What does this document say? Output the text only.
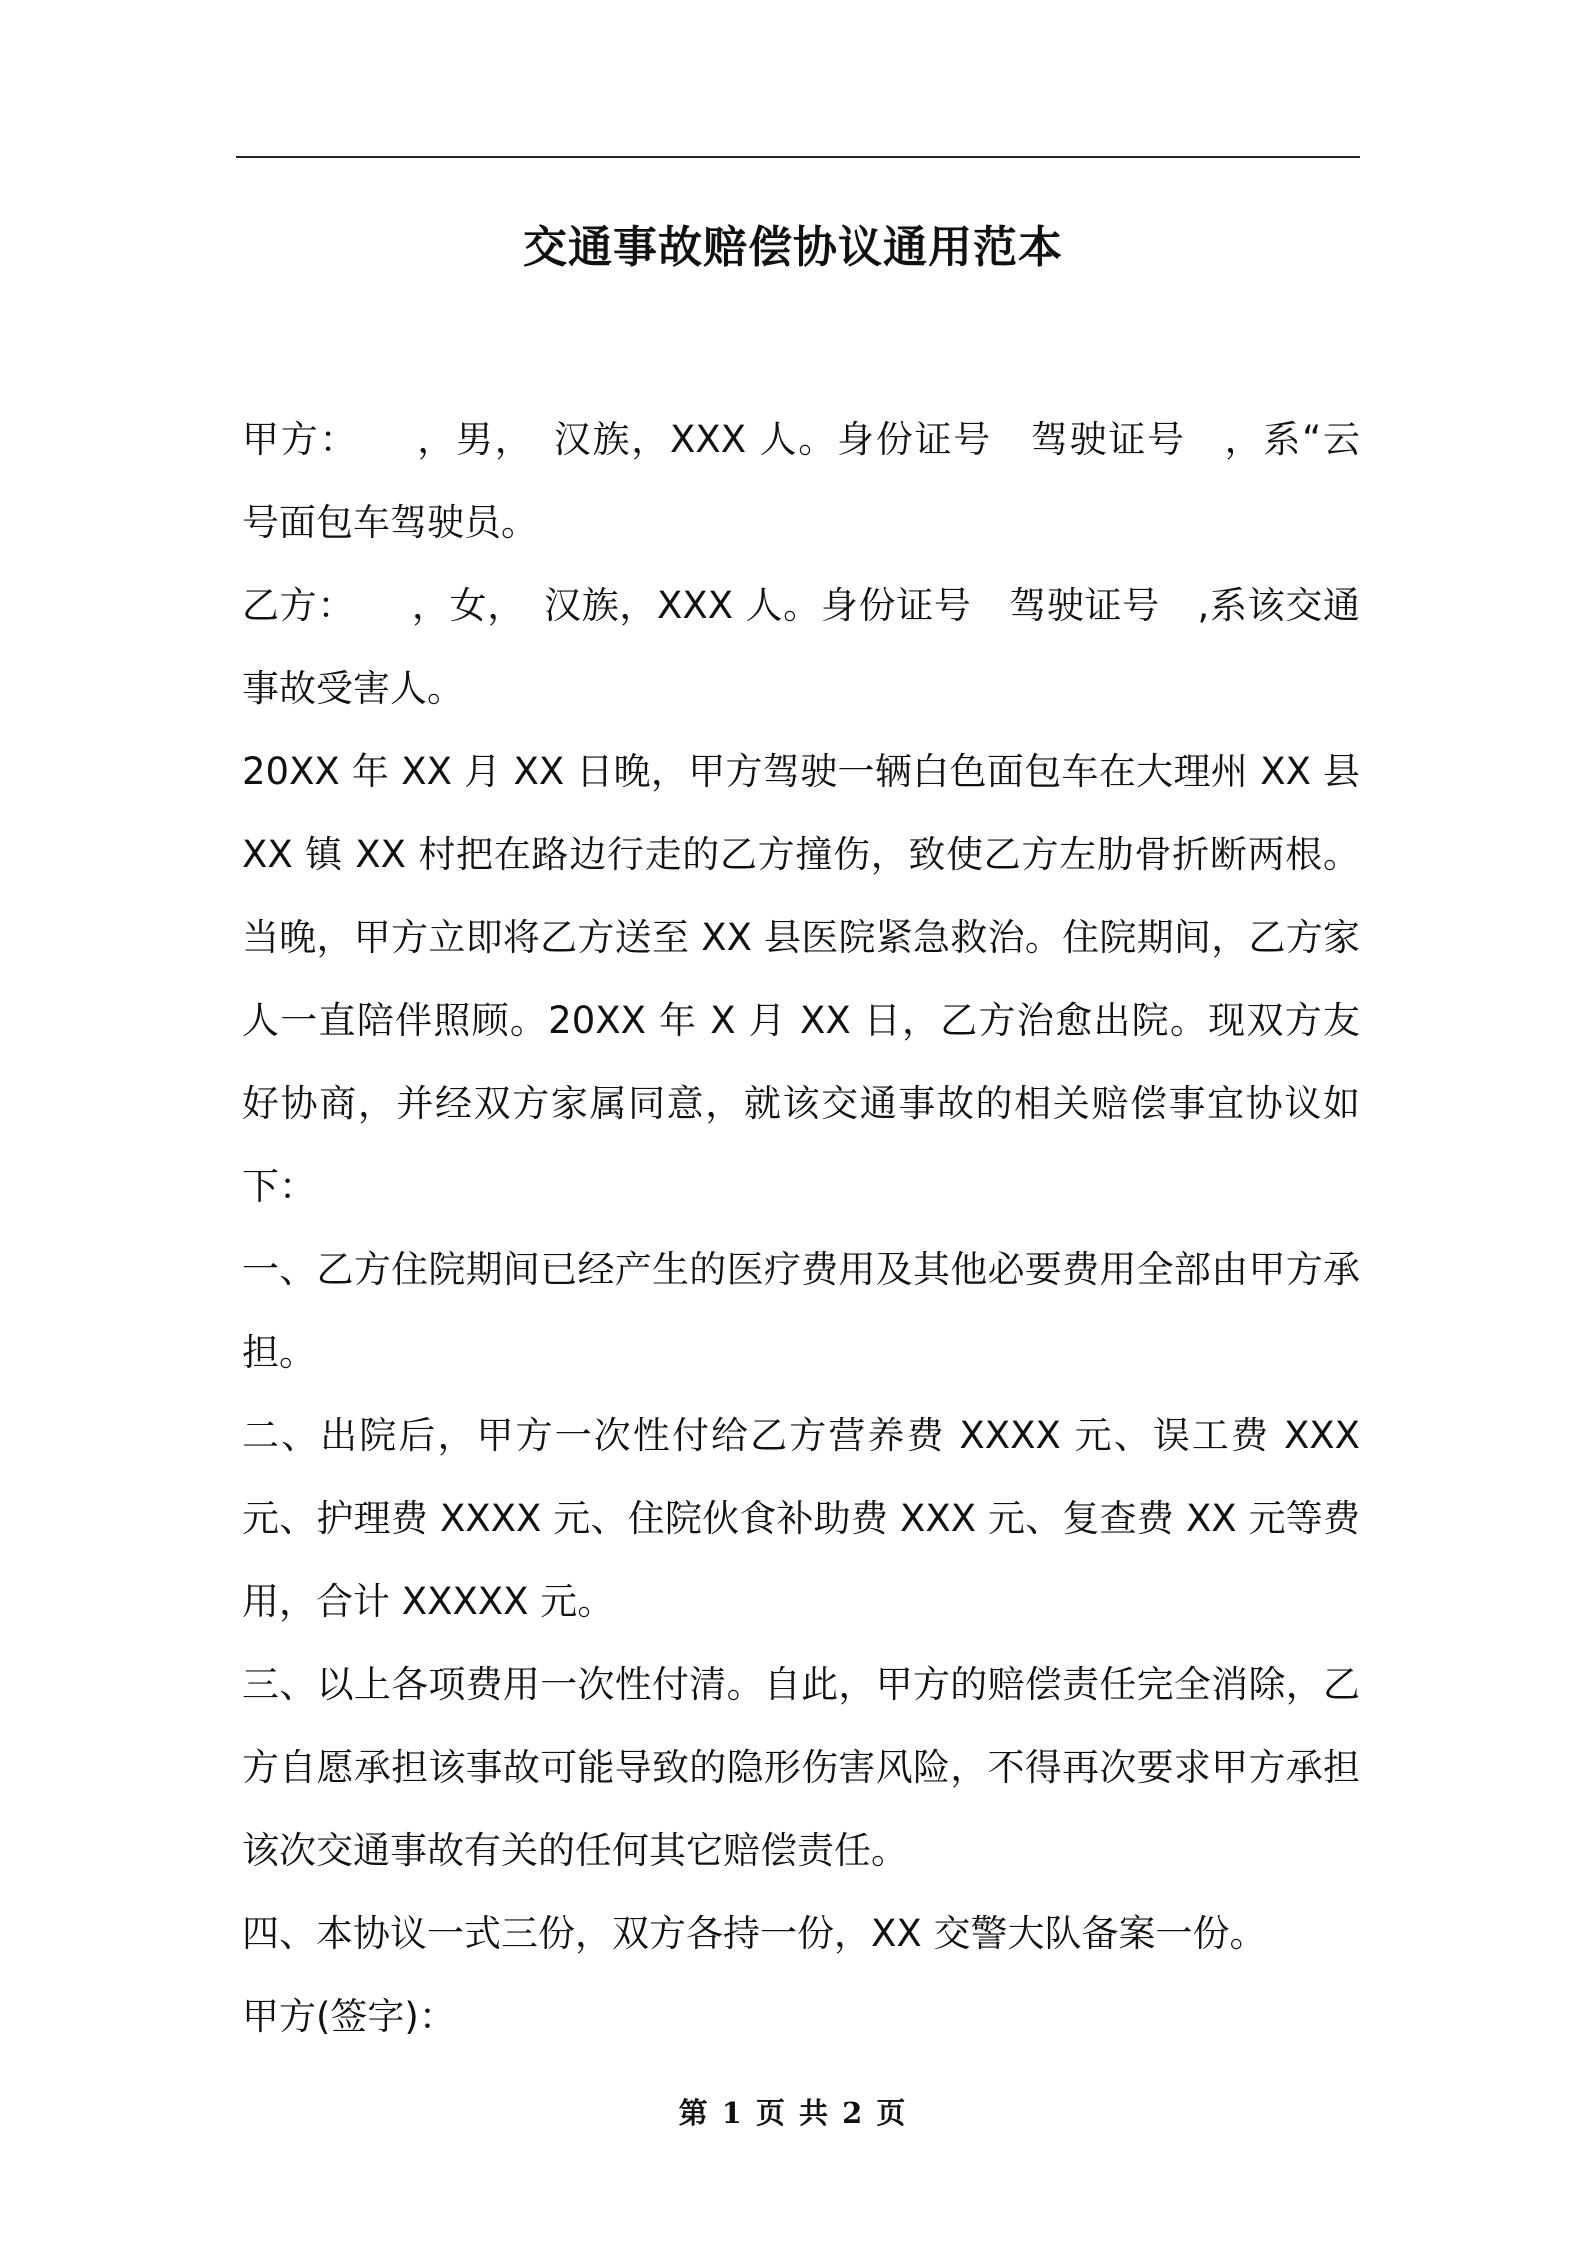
交通事故赔偿协议通用范本

甲方：　　，男，　汉族，XXX 人。身份证号　驾驶证号　，系“云　号面包车驾驶员。

乙方：　　，女，　汉族，XXX 人。身份证号　驾驶证号　,系该交通事故受害人。

20XX 年 XX 月 XX 日晚，甲方驾驶一辆白色面包车在大理州 XX 县 XX 镇 XX 村把在路边行走的乙方撞伤，致使乙方左肋骨折断两根。当晚，甲方立即将乙方送至 XX 县医院紧急救治。住院期间，乙方家人一直陪伴照顾。20XX 年 X 月 XX 日，乙方治愈出院。现双方友好协商，并经双方家属同意，就该交通事故的相关赔偿事宜协议如下：

一、乙方住院期间已经产生的医疗费用及其他必要费用全部由甲方承担。

二、出院后，甲方一次性付给乙方营养费 XXXX 元、误工费 XXX 元、护理费 XXXX 元、住院伙食补助费 XXX 元、复查费 XX 元等费用，合计 XXXXX 元。

三、以上各项费用一次性付清。自此，甲方的赔偿责任完全消除，乙方自愿承担该事故可能导致的隐形伤害风险，不得再次要求甲方承担该次交通事故有关的任何其它赔偿责任。

四、本协议一式三份，双方各持一份，XX 交警大队备案一份。

甲方(签字)：

第 1 页 共 2 页
